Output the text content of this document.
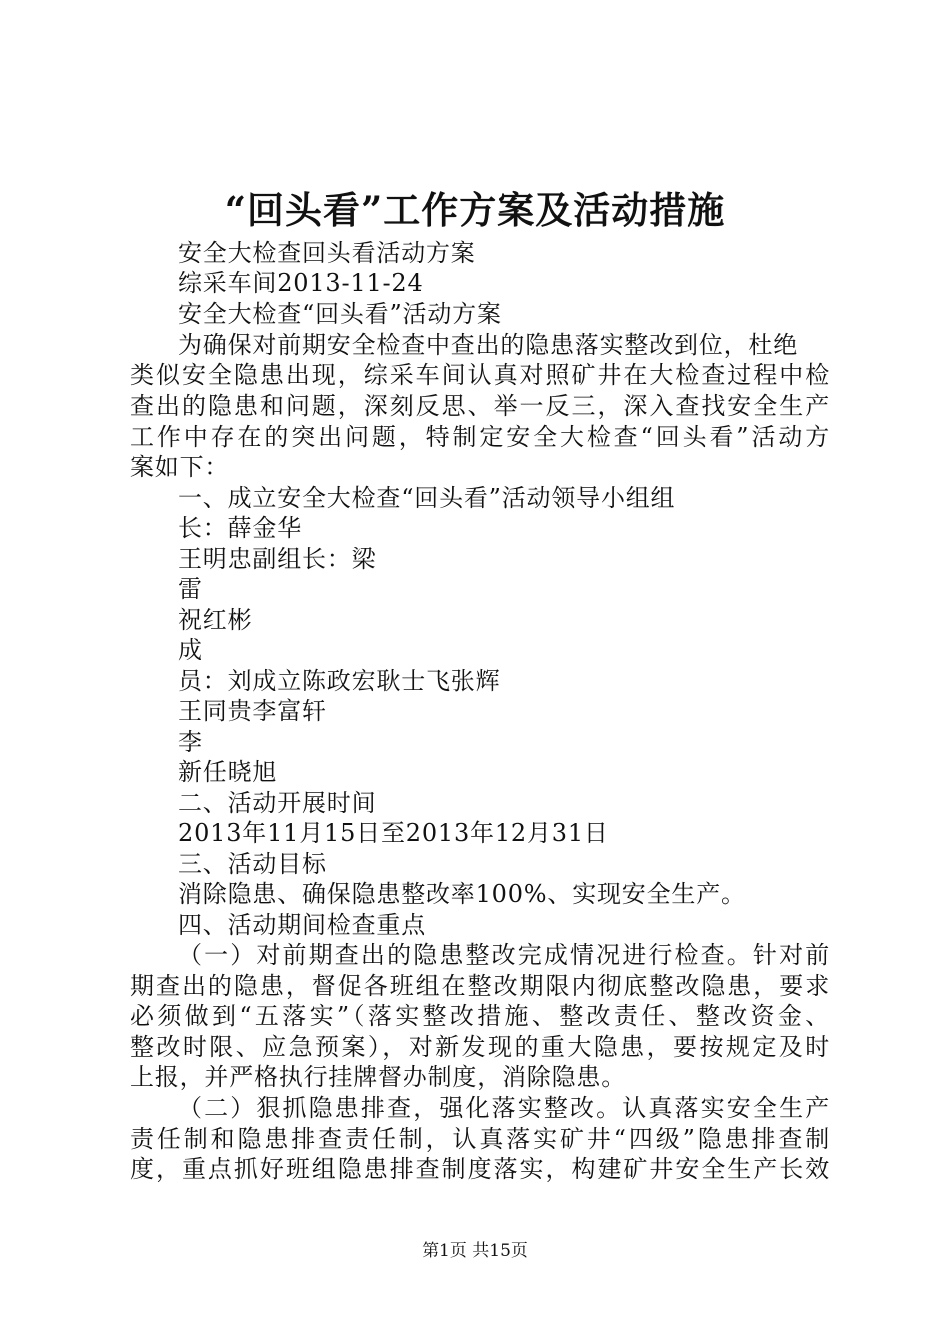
“回头看”工作方案及活动措施
安全大检查回头看活动方案
综采车间2013-11-24
安全大检查“回头看”活动方案
为确保对前期安全检查中查出的隐患落实整改到位，杜绝
类似安全隐患出现，综采车间认真对照矿井在大检查过程中检
查出的隐患和问题，深刻反思、举一反三，深入查找安全生产
工作中存在的突出问题，特制定安全大检查“回头看”活动方
案如下：
一、成立安全大检查“回头看”活动领导小组组
长：薛金华
王明忠副组长：梁
雷
祝红彬
成
员：刘成立陈政宏耿士飞张辉
王同贵李富轩
李
新任晓旭
二、活动开展时间
2013年11月15日至2013年12月31日
三、活动目标
消除隐患、确保隐患整改率100%、实现安全生产。
四、活动期间检查重点
（一）对前期查出的隐患整改完成情况进行检查。针对前
期查出的隐患，督促各班组在整改期限内彻底整改隐患，要求
必须做到“五落实”（落实整改措施、整改责任、整改资金、
整改时限、应急预案），对新发现的重大隐患，要按规定及时
上报，并严格执行挂牌督办制度，消除隐患。
（二）狠抓隐患排查，强化落实整改。认真落实安全生产
责任制和隐患排查责任制，认真落实矿井“四级”隐患排查制
度，重点抓好班组隐患排查制度落实，构建矿井安全生产长效
第1页 共15页
